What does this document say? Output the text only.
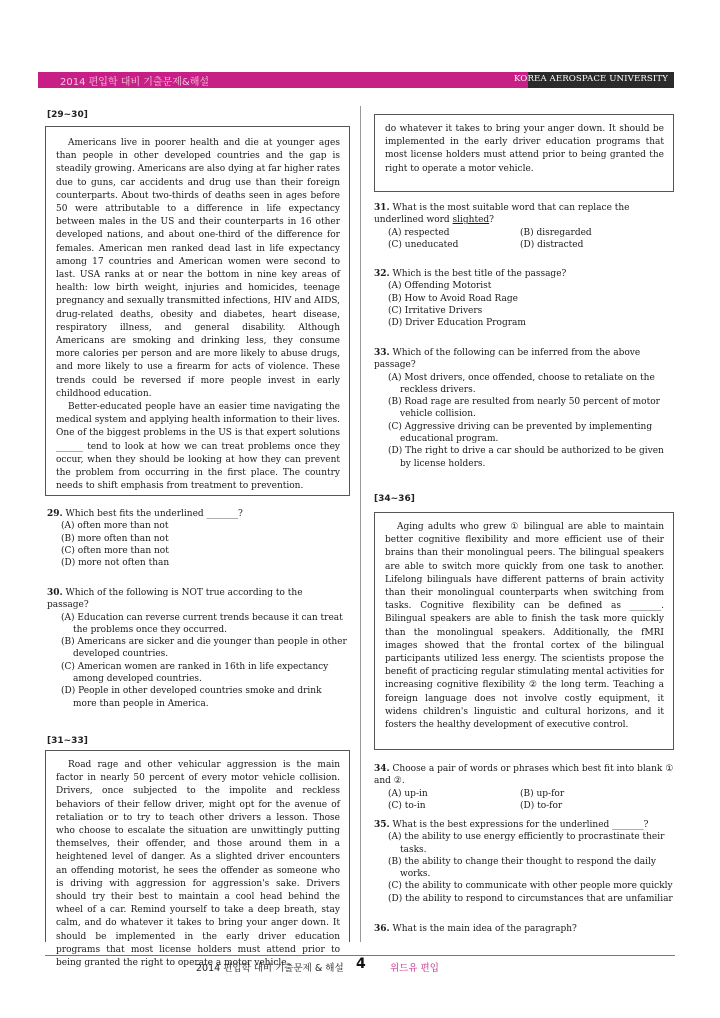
2014 편입학 대비 기출문제&해설	KOREA AEROSPACE UNIVERSITY
[29~30]

Americans live in poorer health and die at younger ages than people in other developed countries and the gap is steadily growing. Americans are also dying at far higher rates due to guns, car accidents and drug use than their foreign counterparts. About two-thirds of deaths seen in ages before 50 were attributable to a difference in life expectancy between males in the US and their counterparts in 16 other developed nations, and about one-third of the difference for females. American men ranked dead last in life expectancy among 17 countries and American women were second to last. USA ranks at or near the bottom in nine key areas of health: low birth weight, injuries and homicides, teenage pregnancy and sexually transmitted infections, HIV and AIDS, drug-related deaths, obesity and diabetes, heart disease, respiratory illness, and general disability. Although Americans are smoking and drinking less, they consume more calories per person and are more likely to abuse drugs, and more likely to use a firearm for acts of violence. These trends could be reversed if more people invest in early childhood education.

Better-educated people have an easier time navigating the medical system and applying health information to their lives. One of the biggest problems in the US is that expert solutions ______ tend to look at how we can treat problems once they occur, when they should be looking at how they can prevent the problem from occurring in the first place. The country needs to shift emphasis from treatment to prevention.

29. Which best fits the underlined _______?

(A) often more than not

(B) more often than not

(C) often more than not

(D) more not often than

30. Which of the following is NOT true according to the passage?

(A) Education can reverse current trends because it can treat the problems once they occurred.

(B) Americans are sicker and die younger than people in other developed countries.

(C) American women are ranked in 16th in life expectancy among developed countries.

(D) People in other developed countries smoke and drink more than people in America.

[31~33]

Road rage and other vehicular aggression is the main factor in nearly 50 percent of every motor vehicle collision. Drivers, once subjected to the impolite and reckless behaviors of their fellow driver, might opt for the avenue of retaliation or to try to teach other drivers a lesson. Those who choose to escalate the situation are unwittingly putting themselves, their offender, and those around them in a heightened level of danger. As a slighted driver encounters an offending motorist, he sees the offender as someone who is driving with aggression for aggression's sake. Drivers should try their best to maintain a cool head behind the wheel of a car. Remind yourself to take a deep breath, stay calm, and do whatever it takes to bring your anger down. It should be implemented in the early driver education programs that most license holders must attend prior to being granted the right to operate a motor vehicle.

do whatever it takes to bring your anger down. It should be implemented in the early driver education programs that most license holders must attend prior to being granted the right to operate a motor vehicle.

31. What is the most suitable word that can replace the underlined word slighted?

(A) respected	(B) disregarded
(C) uneducated	(D) distracted

32. Which is the best title of the passage?

(A) Offending Motorist

(B) How to Avoid Road Rage

(C) Irritative Drivers

(D) Driver Education Program

33. Which of the following can be inferred from the above passage?

(A) Most drivers, once offended, choose to retaliate on the reckless drivers.

(B) Road rage are resulted from nearly 50 percent of motor vehicle collision.

(C) Aggressive driving can be prevented by implementing educational program.

(D) The right to drive a car should be authorized to be given by license holders.

[34~36]

Aging adults who grew ① bilingual are able to maintain better cognitive flexibility and more efficient use of their brains than their monolingual peers. The bilingual speakers are able to switch more quickly from one task to another. Lifelong bilinguals have different patterns of brain activity than their monolingual counterparts when switching from tasks. Cognitive flexibility can be defined as _______. Bilingual speakers are able to finish the task more quickly than the monolingual speakers. Additionally, the fMRI images showed that the frontal cortex of the bilingual participants utilized less energy. The scientists propose the benefit of practicing regular stimulating mental activities for increasing cognitive flexibility ② the long term. Teaching a foreign language does not involve costly equipment, it widens children's linguistic and cultural horizons, and it fosters the healthy development of executive control.

34. Choose a pair of words or phrases which best fit into blank ① and ②.

(A) up-in	(B) up-for
(C) to-in	(D) to-for

35. What is the best expressions for the underlined _______?

(A) the ability to use energy efficiently to procrastinate their tasks.

(B) the ability to change their thought to respond the daily works.

(C) the ability to communicate with other people more quickly

(D) the ability to respond to circumstances that are unfamiliar

36. What is the main idea of the paragraph?

2014 편입학 대비 기출문제 & 해설 4	위드유 편입
